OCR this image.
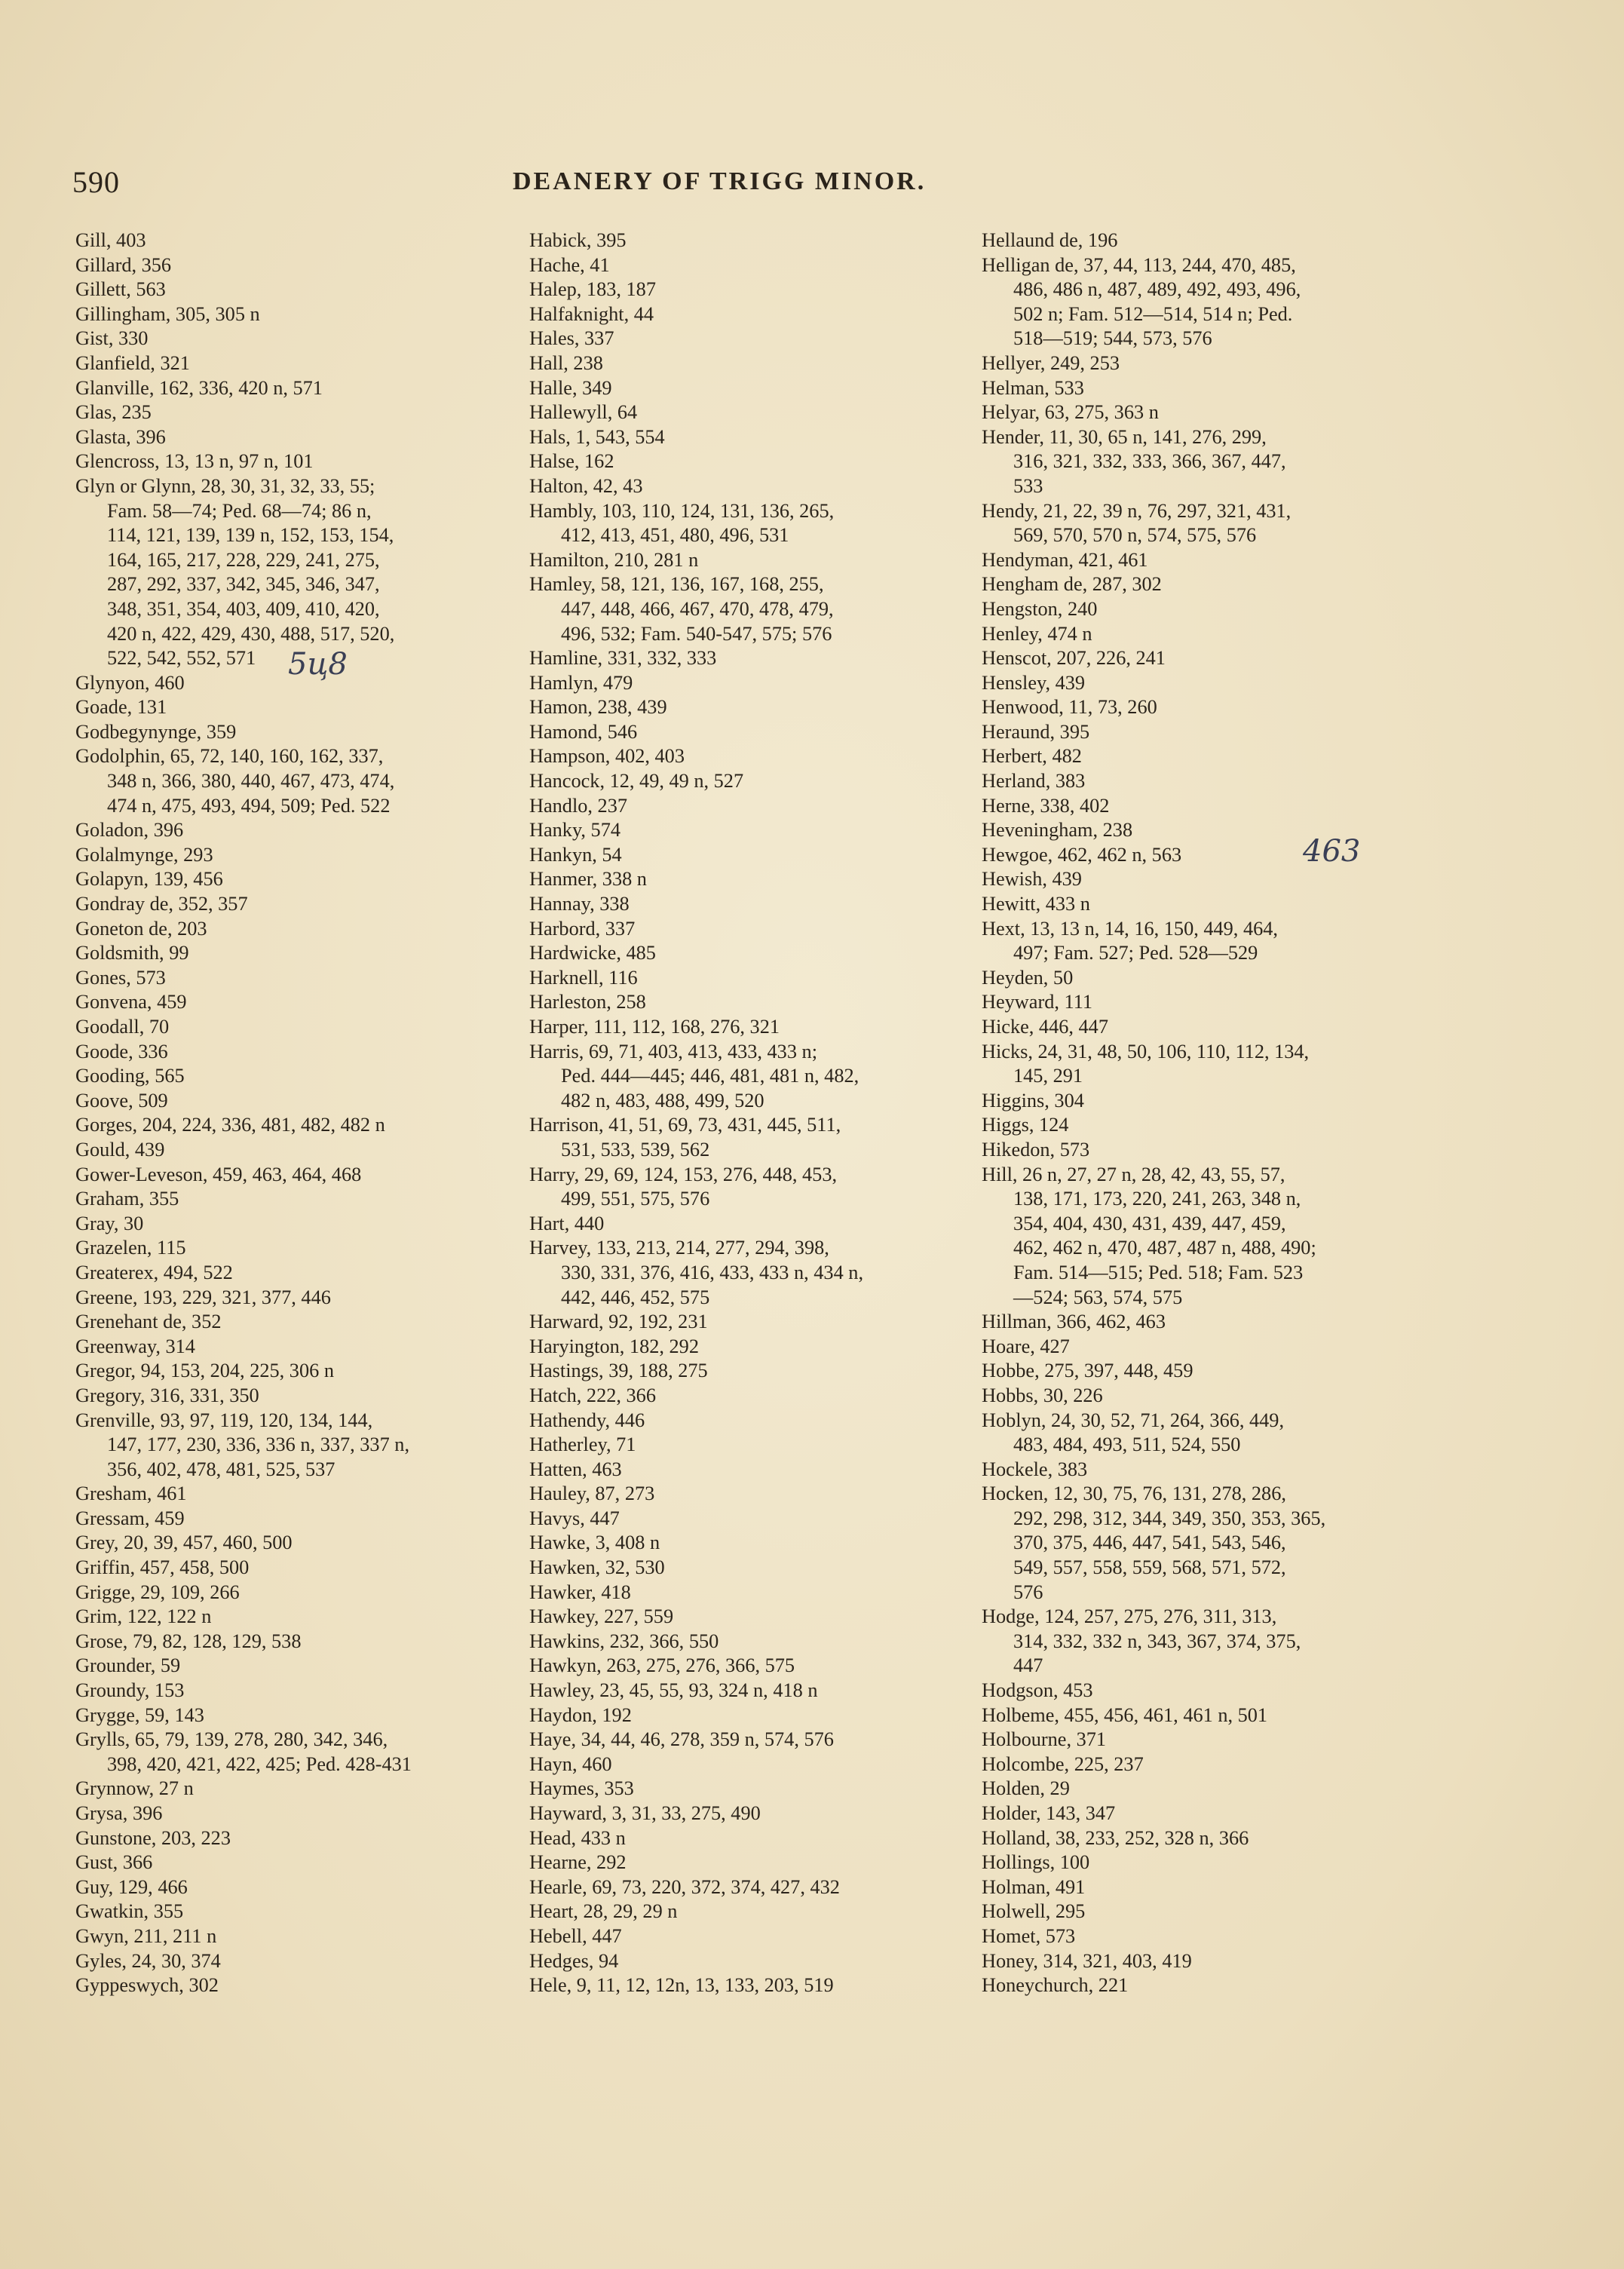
590	DEANERY OF TRIGG MINOR.
Gill, 403
Gillard, 356
Gillett, 563
Gillingham, 305, 305 n
Gist, 330
Glanfield, 321
Glanville, 162, 336, 420 n, 571
Glas, 235
Glasta, 396
Glencross, 13, 13 n, 97 n, 101
Glyn or Glynn, 28, 30, 31, 32, 33, 55;
Fam. 58—74; Ped. 68—74; 86 n,
114, 121, 139, 139 n, 152, 153, 154,
164, 165, 217, 228, 229, 241, 275,
287, 292, 337, 342, 345, 346, 347,
348, 351, 354, 403, 409, 410, 420,
420 n, 422, 429, 430, 488, 517, 520,
522, 542, 552, 571
Glynyon, 460
Goade, 131
Godbegynynge, 359
Godolphin, 65, 72, 140, 160, 162, 337,
348 n, 366, 380, 440, 467, 473, 474,
474 n, 475, 493, 494, 509; Ped. 522
Goladon, 396
Golalmynge, 293
Golapyn, 139, 456
Gondray de, 352, 357
Goneton de, 203
Goldsmith, 99
Gones, 573
Gonvena, 459
Goodall, 70
Goode, 336
Gooding, 565
Goove, 509
Gorges, 204, 224, 336, 481, 482, 482 n
Gould, 439
Gower-Leveson, 459, 463, 464, 468
Graham, 355
Gray, 30
Grazelen, 115
Greaterex, 494, 522
Greene, 193, 229, 321, 377, 446
Grenehant de, 352
Greenway, 314
Gregor, 94, 153, 204, 225, 306 n
Gregory, 316, 331, 350
Grenville, 93, 97, 119, 120, 134, 144,
147, 177, 230, 336, 336 n, 337, 337 n,
356, 402, 478, 481, 525, 537
Gresham, 461
Gressam, 459
Grey, 20, 39, 457, 460, 500
Griffin, 457, 458, 500
Grigge, 29, 109, 266
Grim, 122, 122 n
Grose, 79, 82, 128, 129, 538
Grounder, 59
Groundy, 153
Grygge, 59, 143
Grylls, 65, 79, 139, 278, 280, 342, 346,
398, 420, 421, 422, 425; Ped. 428-431
Grynnow, 27 n
Grysa, 396
Gunstone, 203, 223
Gust, 366
Guy, 129, 466
Gwatkin, 355
Gwyn, 211, 211 n
Gyles, 24, 30, 374
Gyppeswych, 302
Habick, 395
Hache, 41
Halep, 183, 187
Halfaknight, 44
Hales, 337
Hall, 238
Halle, 349
Hallewyll, 64
Hals, 1, 543, 554
Halse, 162
Halton, 42, 43
Hambly, 103, 110, 124, 131, 136, 265,
412, 413, 451, 480, 496, 531
Hamilton, 210, 281 n
Hamley, 58, 121, 136, 167, 168, 255,
447, 448, 466, 467, 470, 478, 479,
496, 532; Fam. 540-547, 575; 576
Hamline, 331, 332, 333
Hamlyn, 479
Hamon, 238, 439
Hamond, 546
Hampson, 402, 403
Hancock, 12, 49, 49 n, 527
Handlo, 237
Hanky, 574
Hankyn, 54
Hanmer, 338 n
Hannay, 338
Harbord, 337
Hardwicke, 485
Harknell, 116
Harleston, 258
Harper, 111, 112, 168, 276, 321
Harris, 69, 71, 403, 413, 433, 433 n;
Ped. 444—445; 446, 481, 481 n, 482,
482 n, 483, 488, 499, 520
Harrison, 41, 51, 69, 73, 431, 445, 511,
531, 533, 539, 562
Harry, 29, 69, 124, 153, 276, 448, 453,
499, 551, 575, 576
Hart, 440
Harvey, 133, 213, 214, 277, 294, 398,
330, 331, 376, 416, 433, 433 n, 434 n,
442, 446, 452, 575
Harward, 92, 192, 231
Haryington, 182, 292
Hastings, 39, 188, 275
Hatch, 222, 366
Hathendy, 446
Hatherley, 71
Hatten, 463
Hauley, 87, 273
Havys, 447
Hawke, 3, 408 n
Hawken, 32, 530
Hawker, 418
Hawkey, 227, 559
Hawkins, 232, 366, 550
Hawkyn, 263, 275, 276, 366, 575
Hawley, 23, 45, 55, 93, 324 n, 418 n
Haydon, 192
Haye, 34, 44, 46, 278, 359 n, 574, 576
Hayn, 460
Haymes, 353
Hayward, 3, 31, 33, 275, 490
Head, 433 n
Hearne, 292
Hearle, 69, 73, 220, 372, 374, 427, 432
Heart, 28, 29, 29 n
Hebell, 447
Hedges, 94
Hele, 9, 11, 12, 12n, 13, 133, 203, 519
Hellaund de, 196
Helligan de, 37, 44, 113, 244, 470, 485,
486, 486 n, 487, 489, 492, 493, 496,
502 n; Fam. 512—514, 514 n; Ped.
518—519; 544, 573, 576
Hellyer, 249, 253
Helman, 533
Helyar, 63, 275, 363 n
Hender, 11, 30, 65 n, 141, 276, 299,
316, 321, 332, 333, 366, 367, 447,
533
Hendy, 21, 22, 39 n, 76, 297, 321, 431,
569, 570, 570 n, 574, 575, 576
Hendyman, 421, 461
Hengham de, 287, 302
Hengston, 240
Henley, 474 n
Henscot, 207, 226, 241
Hensley, 439
Henwood, 11, 73, 260
Heraund, 395
Herbert, 482
Herland, 383
Herne, 338, 402
Heveningham, 238
Hewgoe, 462, 462 n, 563
Hewish, 439
Hewitt, 433 n
Hext, 13, 13 n, 14, 16, 150, 449, 464,
497; Fam. 527; Ped. 528—529
Heyden, 50
Heyward, 111
Hicke, 446, 447
Hicks, 24, 31, 48, 50, 106, 110, 112, 134,
145, 291
Higgins, 304
Higgs, 124
Hikedon, 573
Hill, 26 n, 27, 27 n, 28, 42, 43, 55, 57,
138, 171, 173, 220, 241, 263, 348 n,
354, 404, 430, 431, 439, 447, 459,
462, 462 n, 470, 487, 487 n, 488, 490;
Fam. 514—515; Ped. 518; Fam. 523
—524; 563, 574, 575
Hillman, 366, 462, 463
Hoare, 427
Hobbe, 275, 397, 448, 459
Hobbs, 30, 226
Hoblyn, 24, 30, 52, 71, 264, 366, 449,
483, 484, 493, 511, 524, 550
Hockele, 383
Hocken, 12, 30, 75, 76, 131, 278, 286,
292, 298, 312, 344, 349, 350, 353, 365,
370, 375, 446, 447, 541, 543, 546,
549, 557, 558, 559, 568, 571, 572,
576
Hodge, 124, 257, 275, 276, 311, 313,
314, 332, 332 n, 343, 367, 374, 375,
447
Hodgson, 453
Holbeme, 455, 456, 461, 461 n, 501
Holbourne, 371
Holcombe, 225, 237
Holden, 29
Holder, 143, 347
Holland, 38, 233, 252, 328 n, 366
Hollings, 100
Holman, 491
Holwell, 295
Homet, 573
Honey, 314, 321, 403, 419
Honeychurch, 221
5ц8
463
